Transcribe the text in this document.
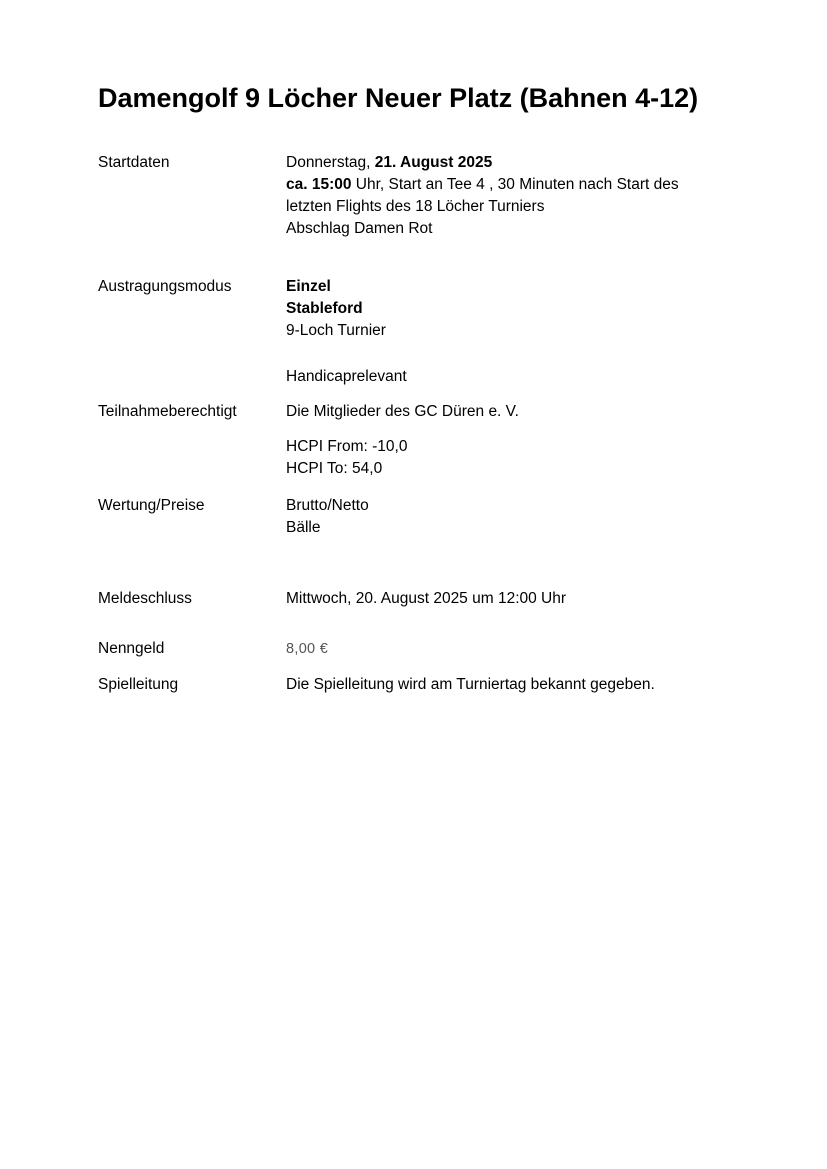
Damengolf 9 Löcher Neuer Platz (Bahnen 4-12)
Startdaten	Donnerstag, 21. August 2025
ca. 15:00 Uhr, Start an Tee 4 , 30 Minuten nach Start des
letzten Flights des 18 Löcher Turniers
Abschlag Damen Rot
Austragungsmodus	Einzel
Stableford
9-Loch Turnier
Handicaprelevant
Teilnahmeberechtigt	Die Mitglieder des GC Düren e. V.
HCPI From: -10,0
HCPI To: 54,0
Wertung/Preise	Brutto/Netto
Bälle
Meldeschluss	Mittwoch, 20. August 2025 um 12:00 Uhr
Nenngeld	8,00 €
Spielleitung	Die Spielleitung wird am Turniertag bekannt gegeben.
